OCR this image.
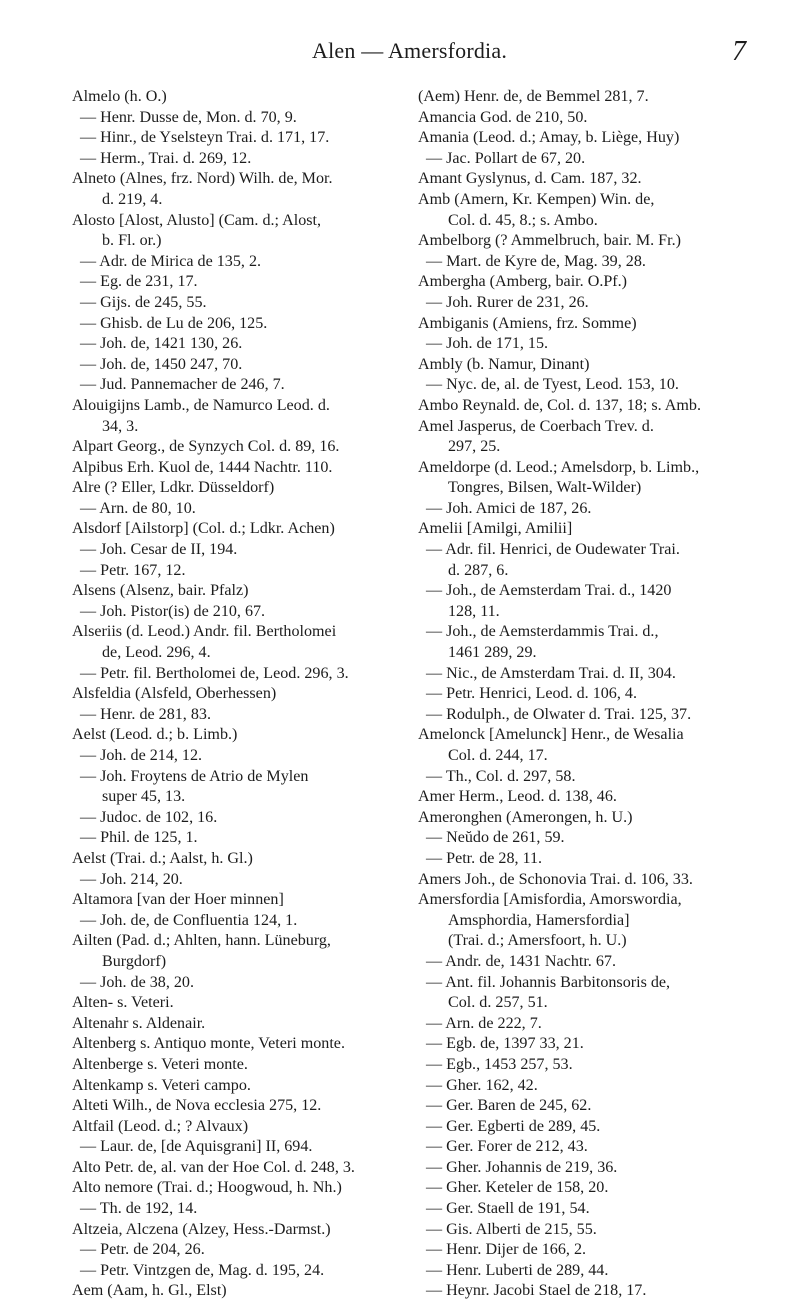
Alen — Amersfordia.	7
Almelo (h. O.)
— Henr. Dusse de, Mon. d. 70, 9.
— Hinr., de Yselsteyn Trai. d. 171, 17.
— Herm., Trai. d. 269, 12.
Alneto (Alnes, frz. Nord) Wilh. de, Mor.
d. 219, 4.
Alosto [Alost, Alusto] (Cam. d.; Alost,
b. Fl. or.)
— Adr. de Mirica de 135, 2.
— Eg. de 231, 17.
— Gijs. de 245, 55.
— Ghisb. de Lu de 206, 125.
— Joh. de, 1421 130, 26.
— Joh. de, 1450 247, 70.
— Jud. Pannemacher de 246, 7.
Alouigijns Lamb., de Namurco Leod. d.
34, 3.
Alpart Georg., de Synzych Col. d. 89, 16.
Alpibus Erh. Kuol de, 1444 Nachtr. 110.
Alre (? Eller, Ldkr. Düsseldorf)
— Arn. de 80, 10.
Alsdorf [Ailstorp] (Col. d.; Ldkr. Achen)
— Joh. Cesar de II, 194.
— Petr. 167, 12.
Alsens (Alsenz, bair. Pfalz)
— Joh. Pistor(is) de 210, 67.
Alseriis (d. Leod.) Andr. fil. Bertholomei
de, Leod. 296, 4.
— Petr. fil. Bertholomei de, Leod. 296, 3.
Alsfeldia (Alsfeld, Oberhessen)
— Henr. de 281, 83.
Aelst (Leod. d.; b. Limb.)
— Joh. de 214, 12.
— Joh. Froytens de Atrio de Mylen
super 45, 13.
— Judoc. de 102, 16.
— Phil. de 125, 1.
Aelst (Trai. d.; Aalst, h. Gl.)
— Joh. 214, 20.
Altamora [van der Hoer minnen]
— Joh. de, de Confluentia 124, 1.
Ailten (Pad. d.; Ahlten, hann. Lüneburg,
Burgdorf)
— Joh. de 38, 20.
Alten- s. Veteri.
Altenahr s. Aldenair.
Altenberg s. Antiquo monte, Veteri monte.
Altenberge s. Veteri monte.
Altenkamp s. Veteri campo.
Alteti Wilh., de Nova ecclesia 275, 12.
Altfail (Leod. d.; ? Alvaux)
— Laur. de, [de Aquisgrani] II, 694.
Alto Petr. de, al. van der Hoe Col. d. 248, 3.
Alto nemore (Trai. d.; Hoogwoud, h. Nh.)
— Th. de 192, 14.
Altzeia, Alczena (Alzey, Hess.-Darmst.)
— Petr. de 204, 26.
— Petr. Vintzgen de, Mag. d. 195, 24.
Aem (Aam, h. Gl., Elst)
(Aem) Henr. de, de Bemmel 281, 7.
Amancia God. de 210, 50.
Amania (Leod. d.; Amay, b. Liège, Huy)
— Jac. Pollart de 67, 20.
Amant Gyslynus, d. Cam. 187, 32.
Amb (Amern, Kr. Kempen) Win. de,
Col. d. 45, 8.; s. Ambo.
Ambelborg (? Ammelbruch, bair. M. Fr.)
— Mart. de Kyre de, Mag. 39, 28.
Ambergha (Amberg, bair. O.Pf.)
— Joh. Rurer de 231, 26.
Ambiganis (Amiens, frz. Somme)
— Joh. de 171, 15.
Ambly (b. Namur, Dinant)
— Nyc. de, al. de Tyest, Leod. 153, 10.
Ambo Reynald. de, Col. d. 137, 18; s. Amb.
Amel Jasperus, de Coerbach Trev. d.
297, 25.
Ameldorpe (d. Leod.; Amelsdorp, b. Limb.,
Tongres, Bilsen, Walt-Wilder)
— Joh. Amici de 187, 26.
Amelii [Amilgi, Amilii]
— Adr. fil. Henrici, de Oudewater Trai.
d. 287, 6.
— Joh., de Aemsterdam Trai. d., 1420
128, 11.
— Joh., de Aemsterdammis Trai. d.,
1461 289, 29.
— Nic., de Amsterdam Trai. d. II, 304.
— Petr. Henrici, Leod. d. 106, 4.
— Rodulph., de Olwater d. Trai. 125, 37.
Amelonck [Amelunck] Henr., de Wesalia
Col. d. 244, 17.
— Th., Col. d. 297, 58.
Amer Herm., Leod. d. 138, 46.
Ameronghen (Amerongen, h. U.)
— Neŭdo de 261, 59.
— Petr. de 28, 11.
Amers Joh., de Schonovia Trai. d. 106, 33.
Amersfordia [Amisfordia, Amorswordia,
Amsphordia, Hamersfordia]
(Trai. d.; Amersfoort, h. U.)
— Andr. de, 1431 Nachtr. 67.
— Ant. fil. Johannis Barbitonsoris de,
Col. d. 257, 51.
— Arn. de 222, 7.
— Egb. de, 1397 33, 21.
— Egb., 1453 257, 53.
— Gher. 162, 42.
— Ger. Baren de 245, 62.
— Ger. Egberti de 289, 45.
— Ger. Forer de 212, 43.
— Gher. Johannis de 219, 36.
— Gher. Keteler de 158, 20.
— Ger. Staell de 191, 54.
— Gis. Alberti de 215, 55.
— Henr. Dijer de 166, 2.
— Henr. Luberti de 289, 44.
— Heynr. Jacobi Stael de 218, 17.
